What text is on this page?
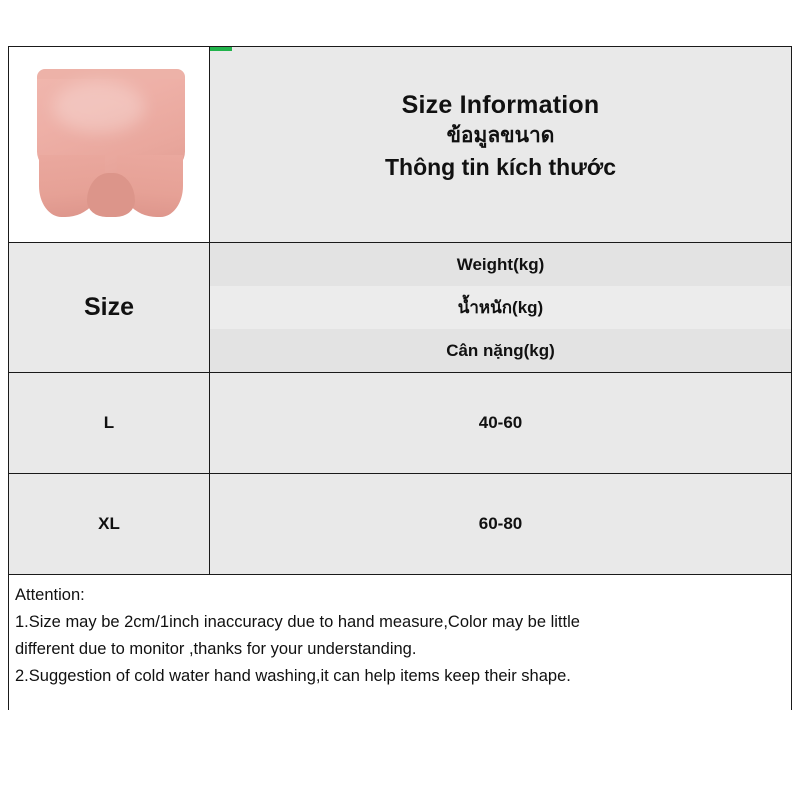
Size Information
ข้อมูลขนาด
Thông tin kích thước
Size
Weight(kg)
น้ำหนัก(kg)
Cân nặng(kg)
L	40-60
XL	60-80

Attention:

1.Size may be 2cm/1inch inaccuracy due to hand measure,Color may be little

different due to monitor ,thanks for your understanding.

2.Suggestion of cold water hand washing,it can help items keep their shape.
